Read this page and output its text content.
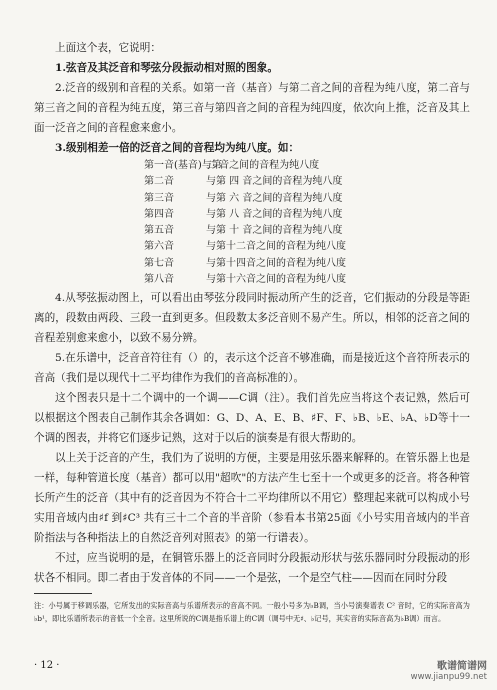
上面这个表，它说明：

1.弦音及其泛音和琴弦分段振动相对照的图象。

2.泛音的级别和音程的关系。如第一音（基音）与第二音之间的音程为纯八度，第二音与第三音之间的音程为纯五度，第三音与第四音之间的音程为纯四度，依次向上推，泛音及其上面一泛音之间的音程愈来愈小。

3.级别相差一倍的泛音之间的音程均为纯八度。如：

第一音(基音)与第二 音之间的音程为纯八度
第二音	与第 四 音之间的音程为纯八度
第三音	与第 六 音之间的音程为纯八度
第四音	与第 八 音之间的音程为纯八度
第五音	与第 十 音之间的音程为纯八度
第六音	与第十二音之间的音程为纯八度
第七音	与第十四音之间的音程为纯八度
第八音	与第十六音之间的音程为纯八度

4.从琴弦振动图上，可以看出由琴弦分段同时振动所产生的泛音，它们振动的分段是等距离的，段数由两段、三段一直到更多。但段数太多泛音则不易产生。所以，相邻的泛音之间的音程差别愈来愈小，以致不易分辨。

5.在乐谱中，泛音音符往有（）的，表示这个泛音不够准确，而是接近这个音符所表示的音高（我们是以现代十二平均律作为我们的音高标准的）。

这个图表只是十二个调中的一个调——C调（注）。我们首先应当将这个表记熟，然后可以根据这个图表自己制作其余各调如：G、D、A、E、B、♯F、F、♭B、♭E、♭A、♭D等十一个调的图表，并将它们逐步记熟，这对于以后的演奏是有很大帮助的。

以上关于泛音的产生，我们为了说明的方便，主要是用弦乐器来解释的。在管乐器上也是一样，每种管道长度（基音）都可以用"超吹"的方法产生七至十一个或更多的泛音。将各种管长所产生的泛音（其中有的泛音因为不符合十二平均律所以不用它）整理起来就可以构成小号实用音域内由♯f 到♯C³ 共有三十二个音的半音阶（参看本书第25面《小号实用音域内的半音阶指法与各种指法上的自然泛音列对照表》的第一行谱表）。

不过，应当说明的是，在铜管乐器上的泛音同时分段振动形状与弦乐器同时分段振动的形状各不相同。即二者由于发音体的不同——一个是弦，一个是空气柱——因而在同时分段

注：小号属于移调乐器，它所发出的实际音高与乐谱所表示的音高不同。一般小号多为♭B调，当小号演奏谱表 C² 音时，它的实际音高为♭b¹，即比乐谱所表示的音低一个全音。这里所说的C调是指乐谱上的C调（调号中无♯、♭记号，其实音的实际音高为♭B调）而言。
· 12 ·	歌谱简谱网
www.jianpu99.net
